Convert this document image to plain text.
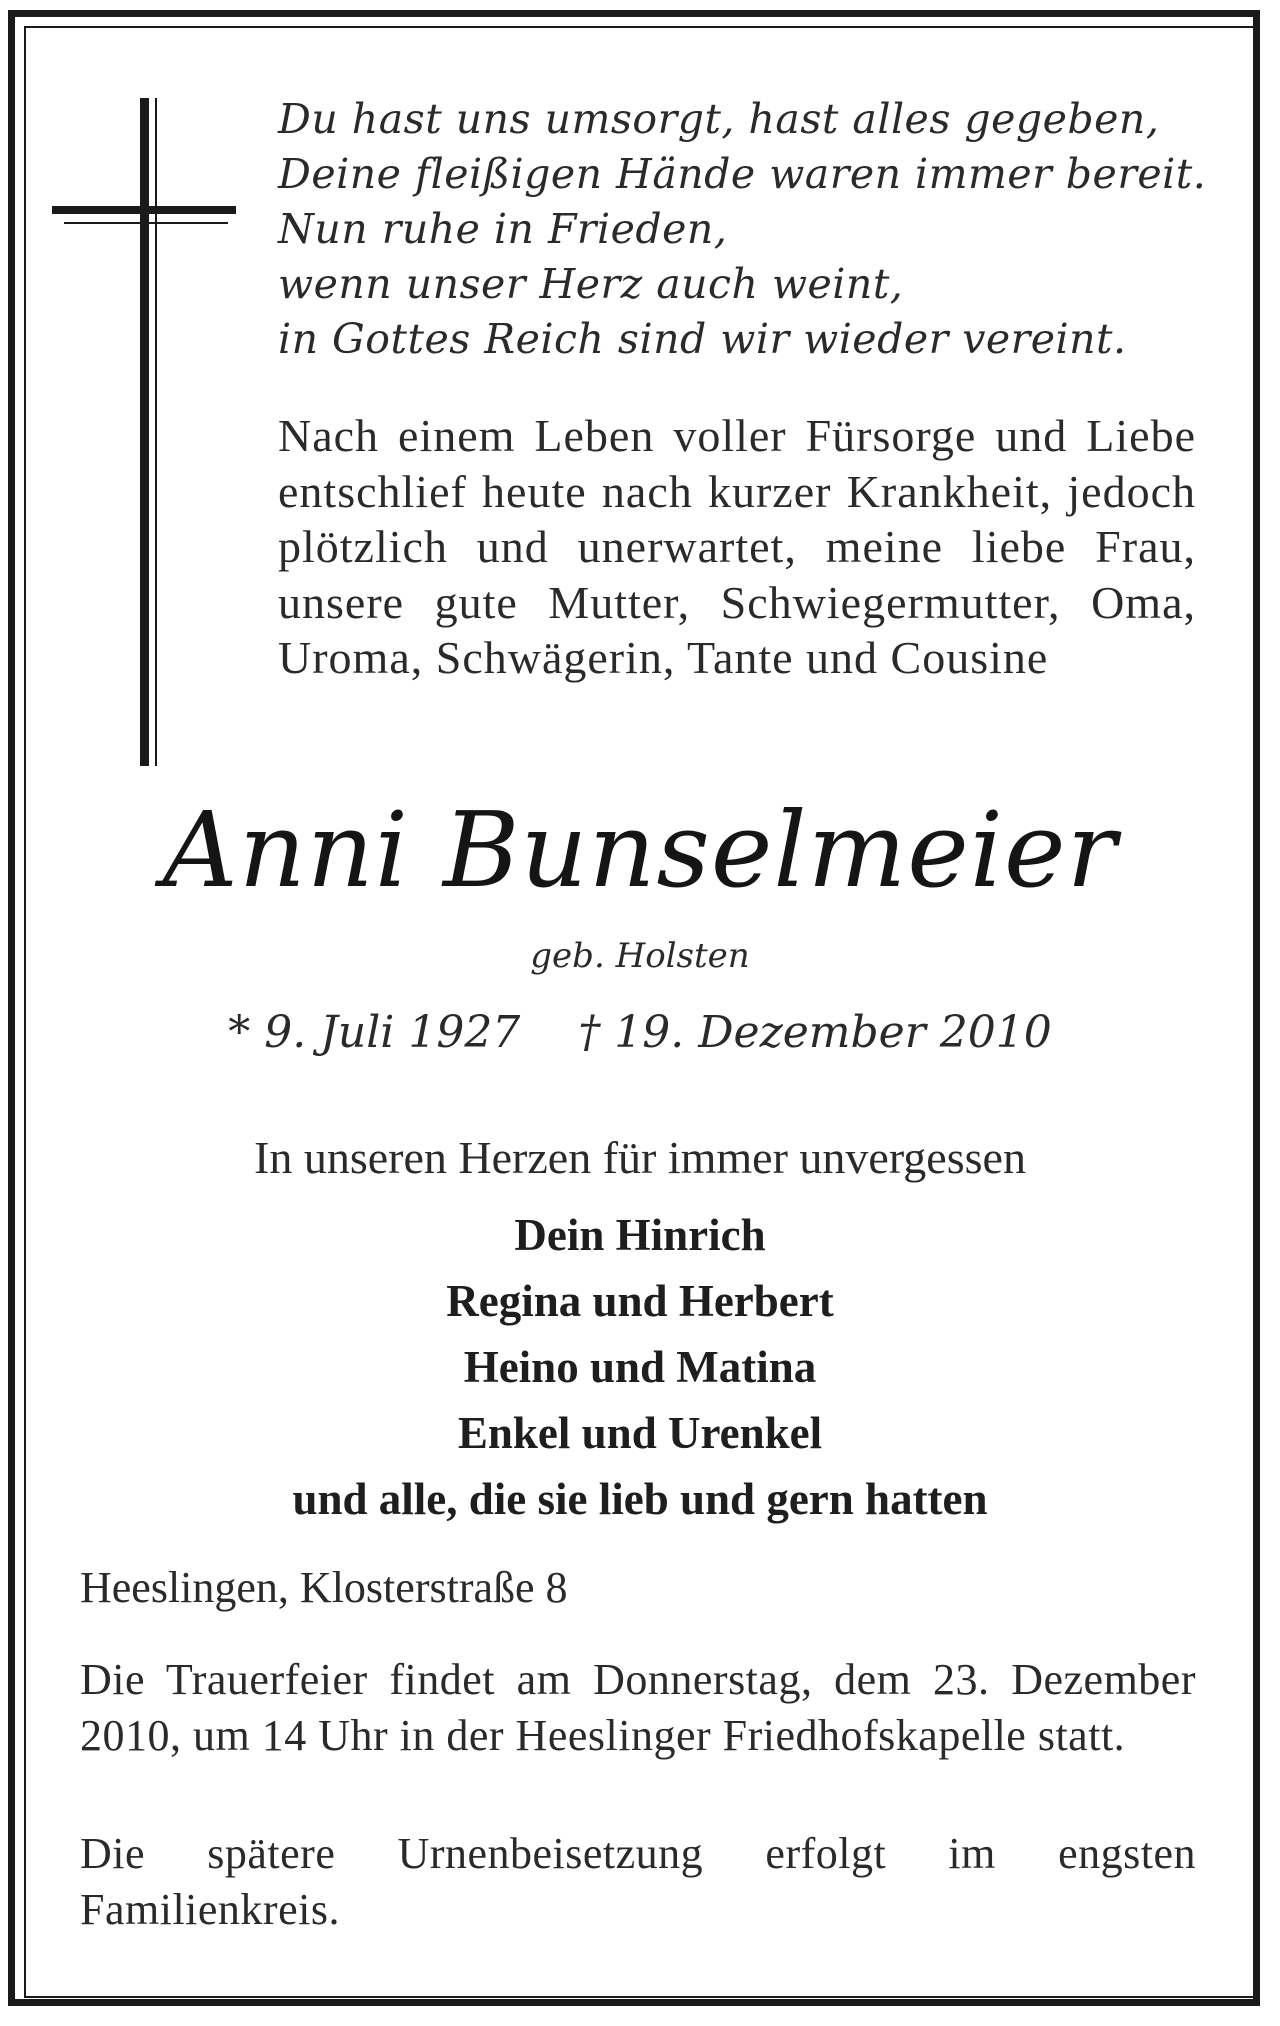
Du hast uns umsorgt, hast alles gegeben,
Deine fleißigen Hände waren immer bereit.
Nun ruhe in Frieden,
wenn unser Herz auch weint,
in Gottes Reich sind wir wieder vereint.
Nach einem Leben voller Fürsorge und Liebe entschlief heute nach kurzer Krankheit, jedoch plötzlich und unerwartet, meine liebe Frau, unsere gute Mutter, Schwiegermutter, Oma, Uroma, Schwägerin, Tante und Cousine
Anni Bunselmeier
geb. Holsten
* 9. Juli 1927 † 19. Dezember 2010
In unseren Herzen für immer unvergessen
Dein Hinrich
Regina und Herbert
Heino und Matina
Enkel und Urenkel
und alle, die sie lieb und gern hatten
Heeslingen, Klosterstraße 8
Die Trauerfeier findet am Donnerstag, dem 23. Dezember 2010, um 14 Uhr in der Heeslinger Friedhofskapelle statt.
Die spätere Urnenbeisetzung erfolgt im engsten Familienkreis.
